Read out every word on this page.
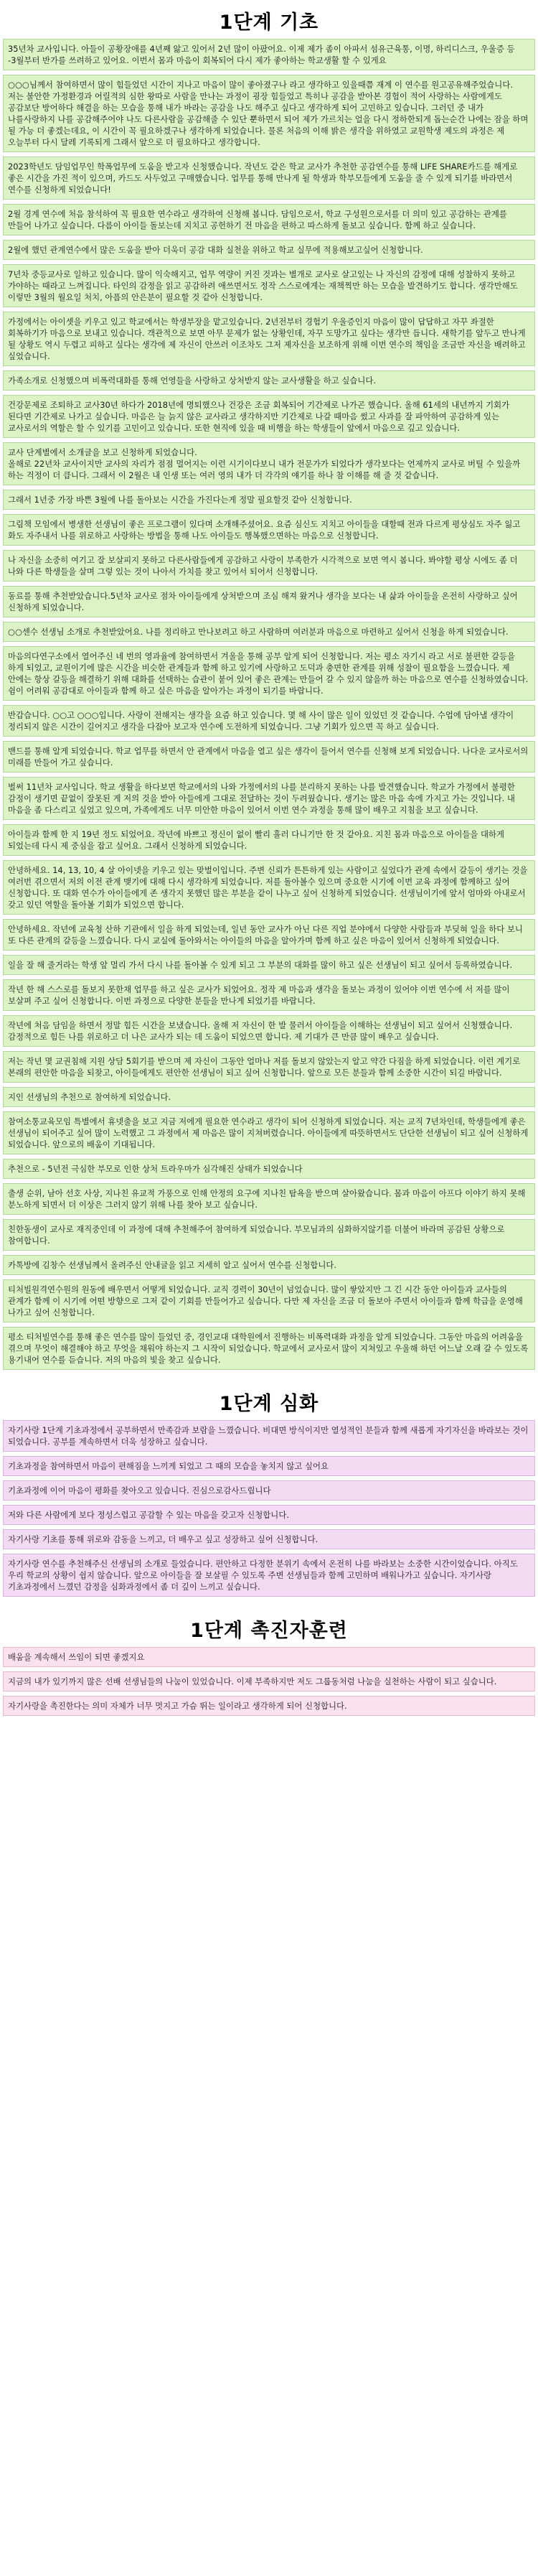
1단계 기초
35년차 교사입니다. 아들이 공황장애를 4년째 앓고 있어서 2년 많이 아팠어요. 이제 제가 좀이 아파서 섬유근육통, 이명, 하리디스크, 우울증 등 -3월부터 반가를 쓰려하고 있어요. 이번서 몸과 마음이 회복되어 다시 제가 좋아하는 학교생활 할 수 있게요
○○○님께서 참여하면서 많이 힘들었던 시간이 지나고 마음이 많이 좋아졌구나 라고 생각하고 있을때쯤 재계 이 연수를 원고공유해주었습니다.
저는 불안한 가정환경과 어릴적의 심한 왕따로 사람을 만나는 과정이 굉장 힘들었고 특히나 공감을 받아본 경험이 적어 사랑하는 사람에게도 공감보단 방어하다 해결을 하는 모습을 통해 내가 바라는 공감을 나도 해주고 싶다고 생각하게 되어 고민하고 있습니다. 그러던 중 내가 나를사랑하지 나를 공감해주어야 나도 다른사람을 공감해줄 수 있단 뿐하면서 되어 제가 가르치는 얼을 다시 정하한되게 돕는순간 나에는 잠을 하며 될 가능 더 좋겠는데요, 이 시간이 꼭 필요하겠구나 생각하게 되었습니다. 물론 처음의 이해 밝은 생각을 위하였고 교원학생 제도의 과정은 제 오늘부터 다시 달레 기록되게 그래서 앞으로 더 필요하다고 생각합니다.
2023학년도 담임업무인 학폭업무에 도움을 받고자 신청했습니다. 작년도 같은 학교 교사가 추천한 공감연수를 통해 LIFE SHARE카드를 해게로 좋은 시간을 가진 적이 있으며, 카드도 사두었고 구매했습니다. 업무를 통해 만나게 될 학생과 학부모들에게 도움을 줄 수 있게 되기를 바라면서 연수를 신청하게 되었습니다!
2월 경계 연수에 처음 참석하여 꼭 필요한 연수라고 생각하여 신청해 봅니다. 담임으로서, 학교 구성원으로서를 더 의미 있고 공감하는 관계를 만들어 나가고 싶습니다. 다름이 아이들 돌보는데 지치고 공헌하기 전 마음을 편하고 따스하게 돌보고 싶습니다. 함께 하고 싶습니다.
2월에 했던 관계연수에서 많은 도움을 받아 더욱더 공감 대화 실천을 위하고 학교 실무에 적용해보고싶어 신청합니다.
7년차 중등교사로 일하고 있습니다. 많이 익숙해지고, 업무 역량이 커진 것과는 별개로 교사로 살고있는 나 자신의 감정에 대해 성찰하지 못하고 가야하는 때라고 느껴집니다. 타인의 감정을 읽고 공감하려 애쓰면서도 정작 스스로에게는 재책찍만 하는 모습을 발견하기도 합니다. 생각만해도 이렇만 3월의 월요일 처치, 아픔의 안은분이 필요할 것 같아 신청합니다.
가정에서는 아이셋을 키우고 있고 학교에서는 학생부장을 맡고있습니다. 2년전부터 경험기 우울증인지 마음이 많이 답답하고 자꾸 좌절한 회복하기가 마음으로 보내고 있습니다. 객관적으로 보면 아무 문제가 없는 상황인데, 자꾸 도망가고 싶다는 생각만 듭니다. 새학기를 앞두고 만나게 될 상황도 역시 두렵고 피하고 싶다는 생각에 제 자신이 안쓰러 이조차도 그저 제자신을 보조하게 위해 이번 연수의 책임을 조금만 자신을 배려하고 싶었습니다.
가족소개로 신청했으며 비폭력대화를 통해 언영들을 사랑하고 상처받지 않는 교사생활을 하고 싶습니다.
건강문제로 조퇴하고 교사30년 하다가 2018년에 명퇴했으나 건강은 조금 회복되어 기간제로 나가곤 했습니다. 올해 61세의 내년까지 기회가 된다면 기간제로 나가고 싶습니다. 마음은 늘 늙지 않은 교사라고 생각하지만 기간제로 나갈 때마음 썼고 사과를 잘 파악하여 공감하게 있는 교사로서의 역할은 할 수 있기를 고민이고 있습니다. 또한 현직에 있을 때 비행을 하는 학생들이 앞에서 마음으로 깊고 있습니다.
교사 단계별에서 소개글을 보고 신청하게 되었습니다.
올해로 22년차 교사이지만 교사의 자리가 점점 멀어지는 이런 시기이다보니 내가 전문가가 되었다가 생각보다는 언제까지 교사로 버틸 수 있을까 하는 걱정이 더 큽니다. 그래서 이 2월은 내 인생 또는 여러 영의 내가 더 각각의 얘기를 하나 참 이해를 해 줄 것 같습니다.
그래서 1년중 가장 바쁜 3월에 나를 돌아보는 시간을 가진다는게 정말 필요할것 같아 신청합니다.
그림책 모임에서 병생한 선생님이 좋은 프로그램이 있다며 소개해주셨어요. 요즘 심신도 지치고 아이들을 대할때 전과 다르게 평상심도 자주 잃고 화도 자주내서 나를 위로하고 사랑하는 방법을 통해 나도 아이들도 행복했으면하는 마음으로 신청합니다.
나 자신을 소중히 여기고 잘 보살피지 못하고 다른사람들에게 공감하고 사랑이 부족한가 시각적으로 보면 역시 봅니다. 봐야할 평상 시에도 좀 더 나와 다른 학생들을 살며 그렇 있는 것이 나아서 가치를 찾고 있어서 되어서 신청합니다.
동료를 통해 추천받았습니다.5년차 교사로 점차 아이들에게 상처받으며 조심 해져 왔거나 생각을 보다는 내 삶과 아이들을 온전히 사랑하고 싶어 신청하게 되었습니다.
○○센수 선생님 소개로 추천받았어요. 나를 정리하고 만나보려고 하고 사람하며 여러분과 마음으로 마련하고 싶어서 신청을 하게 되었습니다.
마음의다연구소에서 열어주신 네 번의 영과율에 참여하면서 겨울을 통해 공부 알게 되어 신청합니다. 저는 평소 자기시 라고 서로 불편한 갈등을 하게 되었고, 교원이기에 많은 시간을 비슷한 관계들과 함께 하고 있기에 사랑하고 도덕과 충면한 관계를 위해 성찰이 필요함을 느꼈습니다. 제 안에는 항상 갈등을 해결하기 위해 대화를 선택하는 습관이 붙어 있어 좋은 관계는 만들어 갈 수 있지 않을까 하는 마음으로 연수를 신청하였습니다. 쉼이 어려워 공감대로 아이들과 함께 하고 싶은 마음을 알아가는 과정이 되기를 바랍니다.
반갑습니다. ○○고 ○○○입니다. 사랑이 전해지는 생각을 요즘 하고 있습니다. 몇 해 사이 많은 일이 있었던 것 같습니다. 수업에 담아낼 생각이 정리되지 않은 시간이 길어지고 생각을 다잡아 보고자 연수에 도전하게 되었습니다. 그냥 기회가 있으면 꼭 하고 싶습니다.
밴드를 통해 알게 되었습니다. 학교 업무를 하면서 안 관계에서 마음을 열고 싶은 생각이 들어서 연수를 신청해 보게 되었습니다. 나다운 교사로서의 미래를 만들어 가고 싶습니다.
벌써 11년차 교사입니다. 학교 생활을 하다보면 학교에서의 나와 가정에서의 나를 분리하지 못하는 나를 발견했습니다. 학교가 가정에서 불평한 감정이 생기면 끝없이 잘못된 게 저의 것을 받아 아들에게 그대로 전달하는 것이 두려웠습니다. 생기는 많은 마음 속에 가지고 가는 것입니다. 내 마음을 좀 다스리고 싶었고 있으며, 가족에게도 너무 미안한 마음이 있어서 이번 연수 과정을 통해 많이 배우고 지침을 보고 싶습니다.
아이들과 함께 한 지 19년 정도 되었어요. 작년에 바쁘고 정신이 없이 빨리 흘러 다니기만 한 것 같아요. 지친 몸과 마음으로 아이들을 대하게 되었는데 다시 제 중심을 잡고 싶어요. 그래서 신청하게 되었습니다.
안녕하세요. 14, 13, 10, 4 살 아이넷을 키우고 있는 맞벌이입니다. 주변 신뢰가 튼튼하게 있는 사람이고 싶었다가 관계 속에서 갈등이 생기는 것을 여러번 겪으면서 저의 이전 관계 맺기에 대해 다시 생각하게 되었습니다. 저를 돌아볼수 있으며 중요한 시기에 이번 교육 과정에 함께하고 싶어 신청합니다. 또 대화 연수가 아이들에게 존 생각지 못했던 많은 부분을 같이 나누고 싶어 신청하게 되었습니다. 선생님이기에 앞서 엄마와 아내로서 갖고 있던 역할을 돌아볼 기회가 되었으면 합니다.
안녕하세요. 작년에 교육청 산하 기관에서 일을 하게 되었는데, 일년 동안 교사가 아닌 다른 직업 분야에서 다양한 사람들과 부딪혀 일을 하다 보니 또 다른 관계의 갈등을 느꼈습니다. 다시 교실에 돌아와서는 아이들의 마음을 알아가며 함께 하고 싶은 마음이 있어서 신청하게 되었습니다.
일을 잘 해 줄거라는 학생 앞 멀리 가서 다시 나를 돌아볼 수 있게 되고 그 부분의 대화를 많이 하고 싶은 선생님이 되고 싶어서 등록하였습니다.
작년 한 해 스스로를 돌보지 못한채 업무를 하고 싶은 교사가 되었어요. 정작 제 마음과 생각을 돌보는 과정이 있어야 이번 연수에 서 저를 많이 보살펴 주고 싶어 신청합니다. 이번 과정으로 다양한 분들을 만나게 되었기를 바랍니다.
작년에 처음 담임을 하면서 정말 힘든 시간을 보냈습니다. 올해 저 자신이 한 발 물러서 아이들을 이해하는 선생님이 되고 싶어서 신청했습니다. 감정적으로 힘든 나를 위로하고 더 나은 교사가 되는 데 도움이 되었으면 합니다. 제 기대가 큰 만큼 많이 배우고 싶습니다.
저는 작년 몇 교권침해 지원 상담 5회기를 받으며 제 자신이 그동안 얼마나 저를 돌보지 않았는지 알고 약간 다짐을 하게 되었습니다. 이런 계기로 본래의 편안한 마음을 되찾고, 아이들에게도 편안한 선생님이 되고 싶어 신청합니다. 앞으로 모든 분들과 함께 소중한 시간이 되길 바랍니다.
지인 선생님의 추천으로 참여하게 되었습니다.
참여소통교육모임 특별에서 휴넷출을 보고 지금 저에게 필요한 연수라고 생각이 되어 신청하게 되었습니다. 저는 교직 7년차인데, 학생들에게 좋은 선생님이 되어주고 싶어 많이 노력했고 그 과정에서 제 마음은 많이 지쳐버렸습니다. 아이들에게 따뜻하면서도 단단한 선생님이 되고 싶어 신청하게 되었습니다. 앞으로의 배움이 기대됩니다.
추천으로 - 5년전 극심한 부모로 인한 상처 트라우마가 심각해진 상태가 되었습니다
출생 순위, 남아 선호 사상, 지나친 유교적 가풍으로 인해 안정의 요구에 지나친 탐욕을 받으며 살아왔습니다. 몸과 마음이 아프다 이야기 하지 못해 분노하게 되면서 더 이상은 그러지 않기 위해 나를 찾아 보고 싶습니다.
친한동생이 교사로 재직중인데 이 과정에 대해 추천해주어 참여하게 되었습니다. 부모님과의 심화하지않기를 더불어 바라며 공감된 상황으로 참여합니다.
카톡방에 김창수 선생님께서 올려주신 안내글을 읽고 지세히 알고 싶어서 연수를 신청합니다.
티처빌원격연수원의 원동에 배우면서 어떻게 되었습니다. 교직 경력이 30년이 넘었습니다. 많이 쌓았지만 그 긴 시간 동안 아이들과 교사들의 관계가 함께 이 시기에 어떤 방향으로 그저 같이 기회를 만들어가고 싶습니다. 다만 제 자신을 조금 더 돌보아 주면서 아이들과 함께 학급을 운영해 나가고 싶어 신청합니다.
평소 티처빌연수를 통해 좋은 연수를 많이 들었던 중, 경인교대 대학원에서 진행하는 비폭력대화 과정을 알게 되었습니다. 그동안 마음의 어려움을 겪으며 무엇이 해결해야 하고 무엇을 채워야 하는지 그 시작이 되었습니다. 학교에서 교사로서 많이 지쳐있고 우울해 하던 어느날 오래 갈 수 있도록 용기내어 연수를 듣습니다. 저의 마음의 빛을 찾고 싶습니다.
1단계 심화
자기사랑 1단계 기초과정에서 공부하면서 만족감과 보람을 느꼈습니다. 비대면 방식이지만 열성적인 분들과 함께 새롭게 자기자신을 바라보는 것이 되었습니다. 공부를 계속하면서 더욱 성장하고 싶습니다.
기초과정을 참여하면서 마음이 편해짐을 느끼게 되었고 그 때의 모습을 놓치지 않고 싶어요
기초과정에 이어 마음이 평화를 찾아오고 있습니다. 진심으로감사드립니다
저와 다른 사람에게 보다 정성스럽고 공감할 수 있는 마음을 갖고자 신청합니다.
자기사랑 기초를 통해 위로와 감동을 느끼고, 더 배우고 싶고 성장하고 싶어 신청합니다.
자기사랑 연수를 추천해주신 선생님의 소개로 들었습니다. 편안하고 다정한 분위기 속에서 온전히 나를 바라보는 소중한 시간이었습니다. 아직도 우리 학교의 상황이 쉽지 않습니다. 앞으로 아이들을 잘 보살필 수 있도록 주변 선생님들과 함께 고민하며 배워나가고 싶습니다. 자기사랑 기초과정에서 느꼈던 감정을 심화과정에서 좀 더 깊이 느끼고 싶습니다.
1단계 촉진자훈련
배움을 계속해서 쓰임이 되면 좋겠지요
지금의 내가 있기까지 많은 선배 선생님들의 나눔이 있었습니다. 이제 부족하지만 저도 그룹동처럼 나눔을 실천하는 사람이 되고 싶습니다.
자기사랑을 촉진한다는 의미 자체가 너무 멋지고 가슴 뛰는 일이라고 생각하게 되어 신청합니다.
